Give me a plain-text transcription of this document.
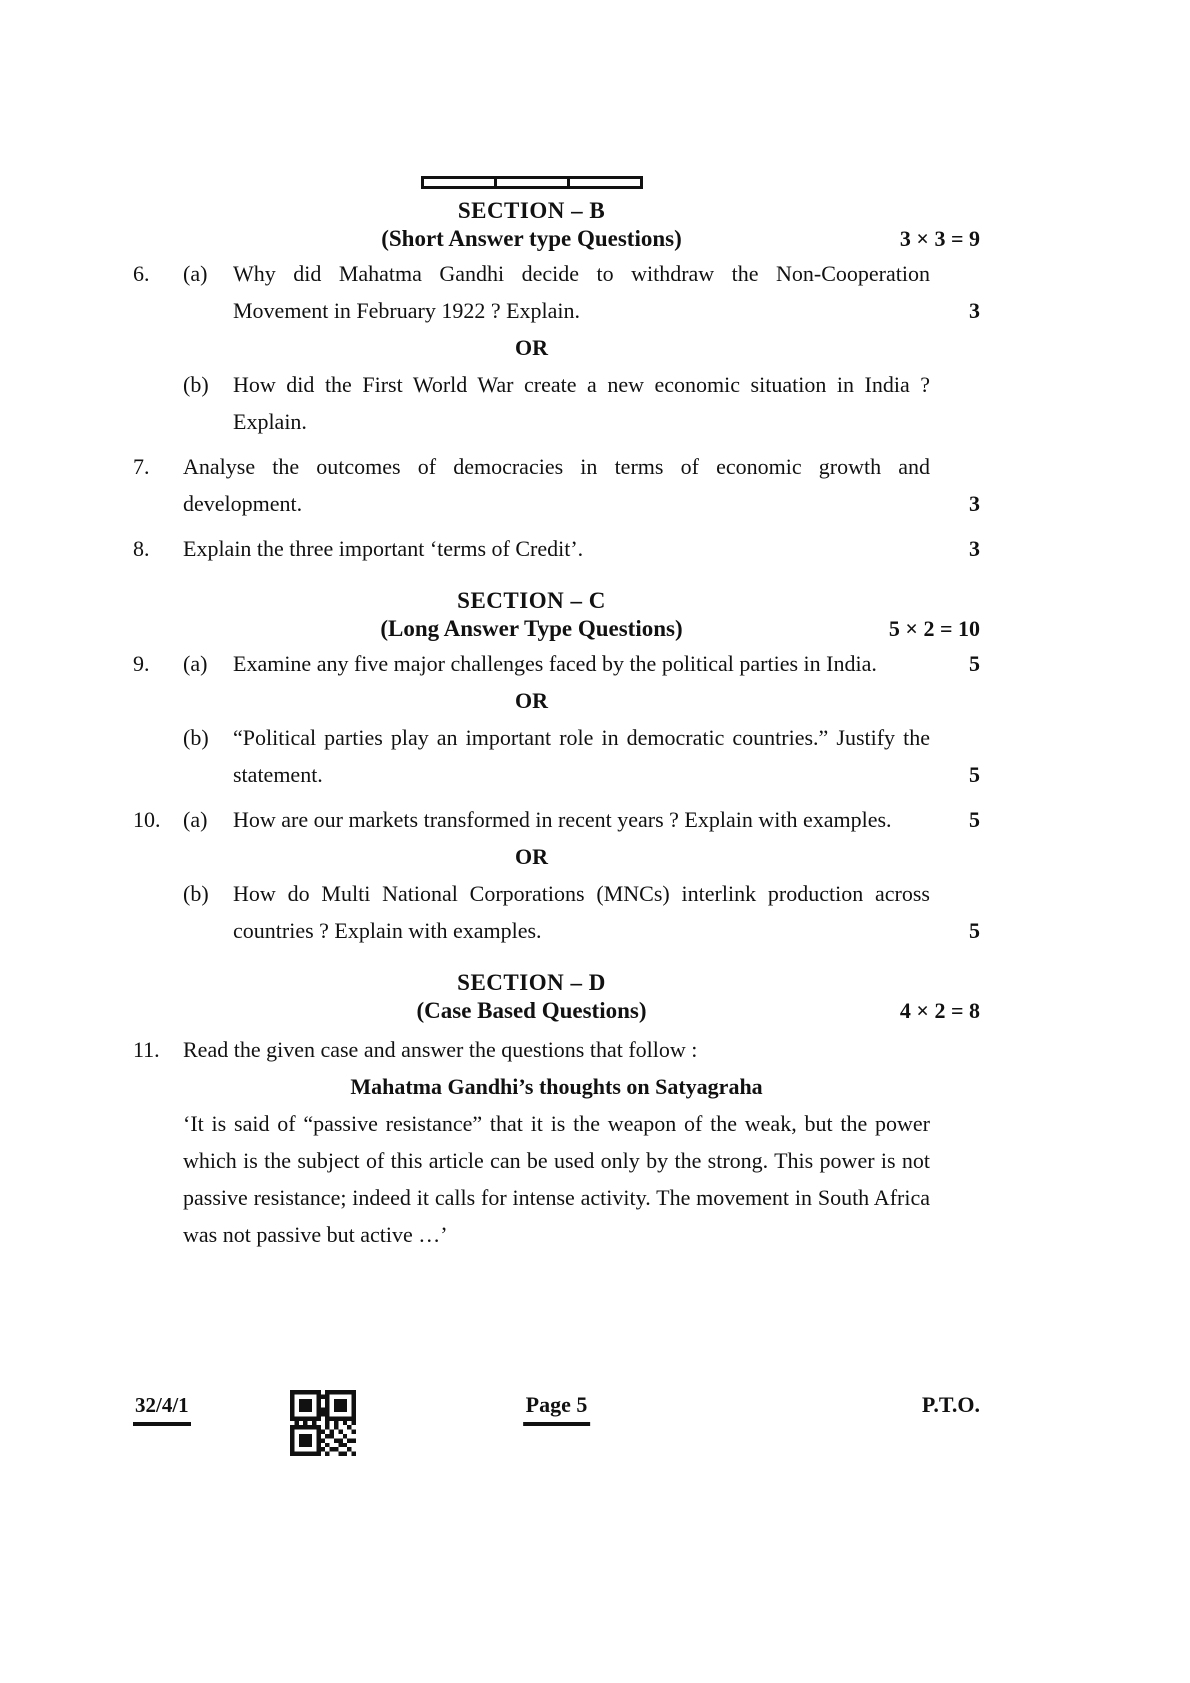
SECTION – B
(Short Answer type Questions)	3 × 3 = 9
6.	(a)	Why did Mahatma Gandhi decide to withdraw the Non-Cooperation Movement in February 1922 ? Explain.	3
OR
(b)	How did the First World War create a new economic situation in India ? Explain.
7.	Analyse the outcomes of democracies in terms of economic growth and development.	3
8.	Explain the three important ‘terms of Credit’.	3
SECTION – C
(Long Answer Type Questions)	5 × 2 = 10
9.	(a)	Examine any five major challenges faced by the political parties in India.	5
OR
(b)	“Political parties play an important role in democratic countries.” Justify the statement.	5
10.	(a)	How are our markets transformed in recent years ? Explain with examples.	5
OR
(b)	How do Multi National Corporations (MNCs) interlink production across countries ? Explain with examples.	5
SECTION – D
(Case Based Questions)	4 × 2 = 8
11.	Read the given case and answer the questions that follow :
Mahatma Gandhi’s thoughts on Satyagraha
‘It is said of “passive resistance” that it is the weapon of the weak, but the power which is the subject of this article can be used only by the strong. This power is not passive resistance; indeed it calls for intense activity. The movement in South Africa was not passive but active …’
32/4/1	Page 5	P.T.O.
